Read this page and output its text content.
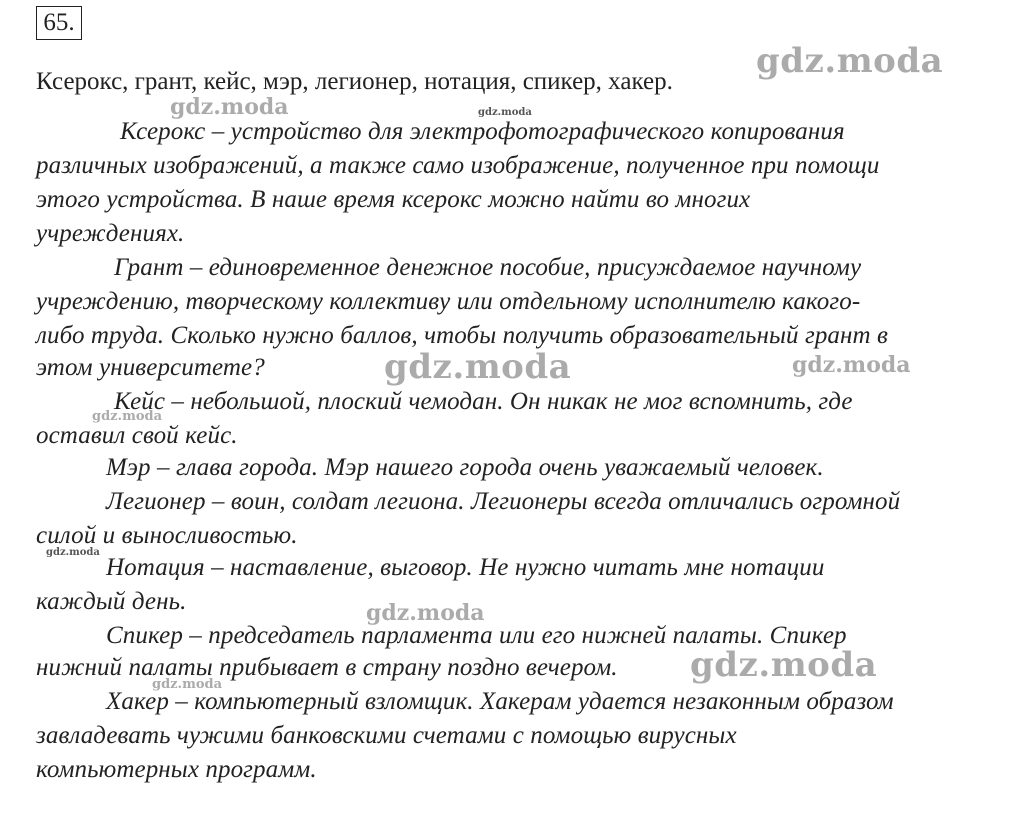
65.
Ксерокс, грант, кейс, мэр, легионер, нотация, спикер, хакер.
Ксерокс – устройство для электрофотографического копирования
различных изображений, а также само изображение, полученное при помощи
этого устройства. В наше время ксерокс можно найти во многих
учреждениях.
Грант – единовременное денежное пособие, присуждаемое научному
учреждению, творческому коллективу или отдельному исполнителю какого-
либо труда. Сколько нужно баллов, чтобы получить образовательный грант в
этом университете?
Кейс – небольшой, плоский чемодан. Он никак не мог вспомнить, где
оставил свой кейс.
Мэр – глава города. Мэр нашего города очень уважаемый человек.
Легионер – воин, солдат легиона. Легионеры всегда отличались огромной
силой и выносливостью.
Нотация – наставление, выговор. Не нужно читать мне нотации
каждый день.
Спикер – председатель парламента или его нижней палаты. Спикер
нижний палаты прибывает в страну поздно вечером.
Хакер – компьютерный взломщик. Хакерам удается незаконным образом
завладевать чужими банковскими счетами с помощью вирусных
компьютерных программ.
gdz.moda
gdz.moda	gdz.moda
gdz.moda	gdz.moda
gdz.moda
gdz.moda
gdz.moda
gdz.moda
gdz.moda
